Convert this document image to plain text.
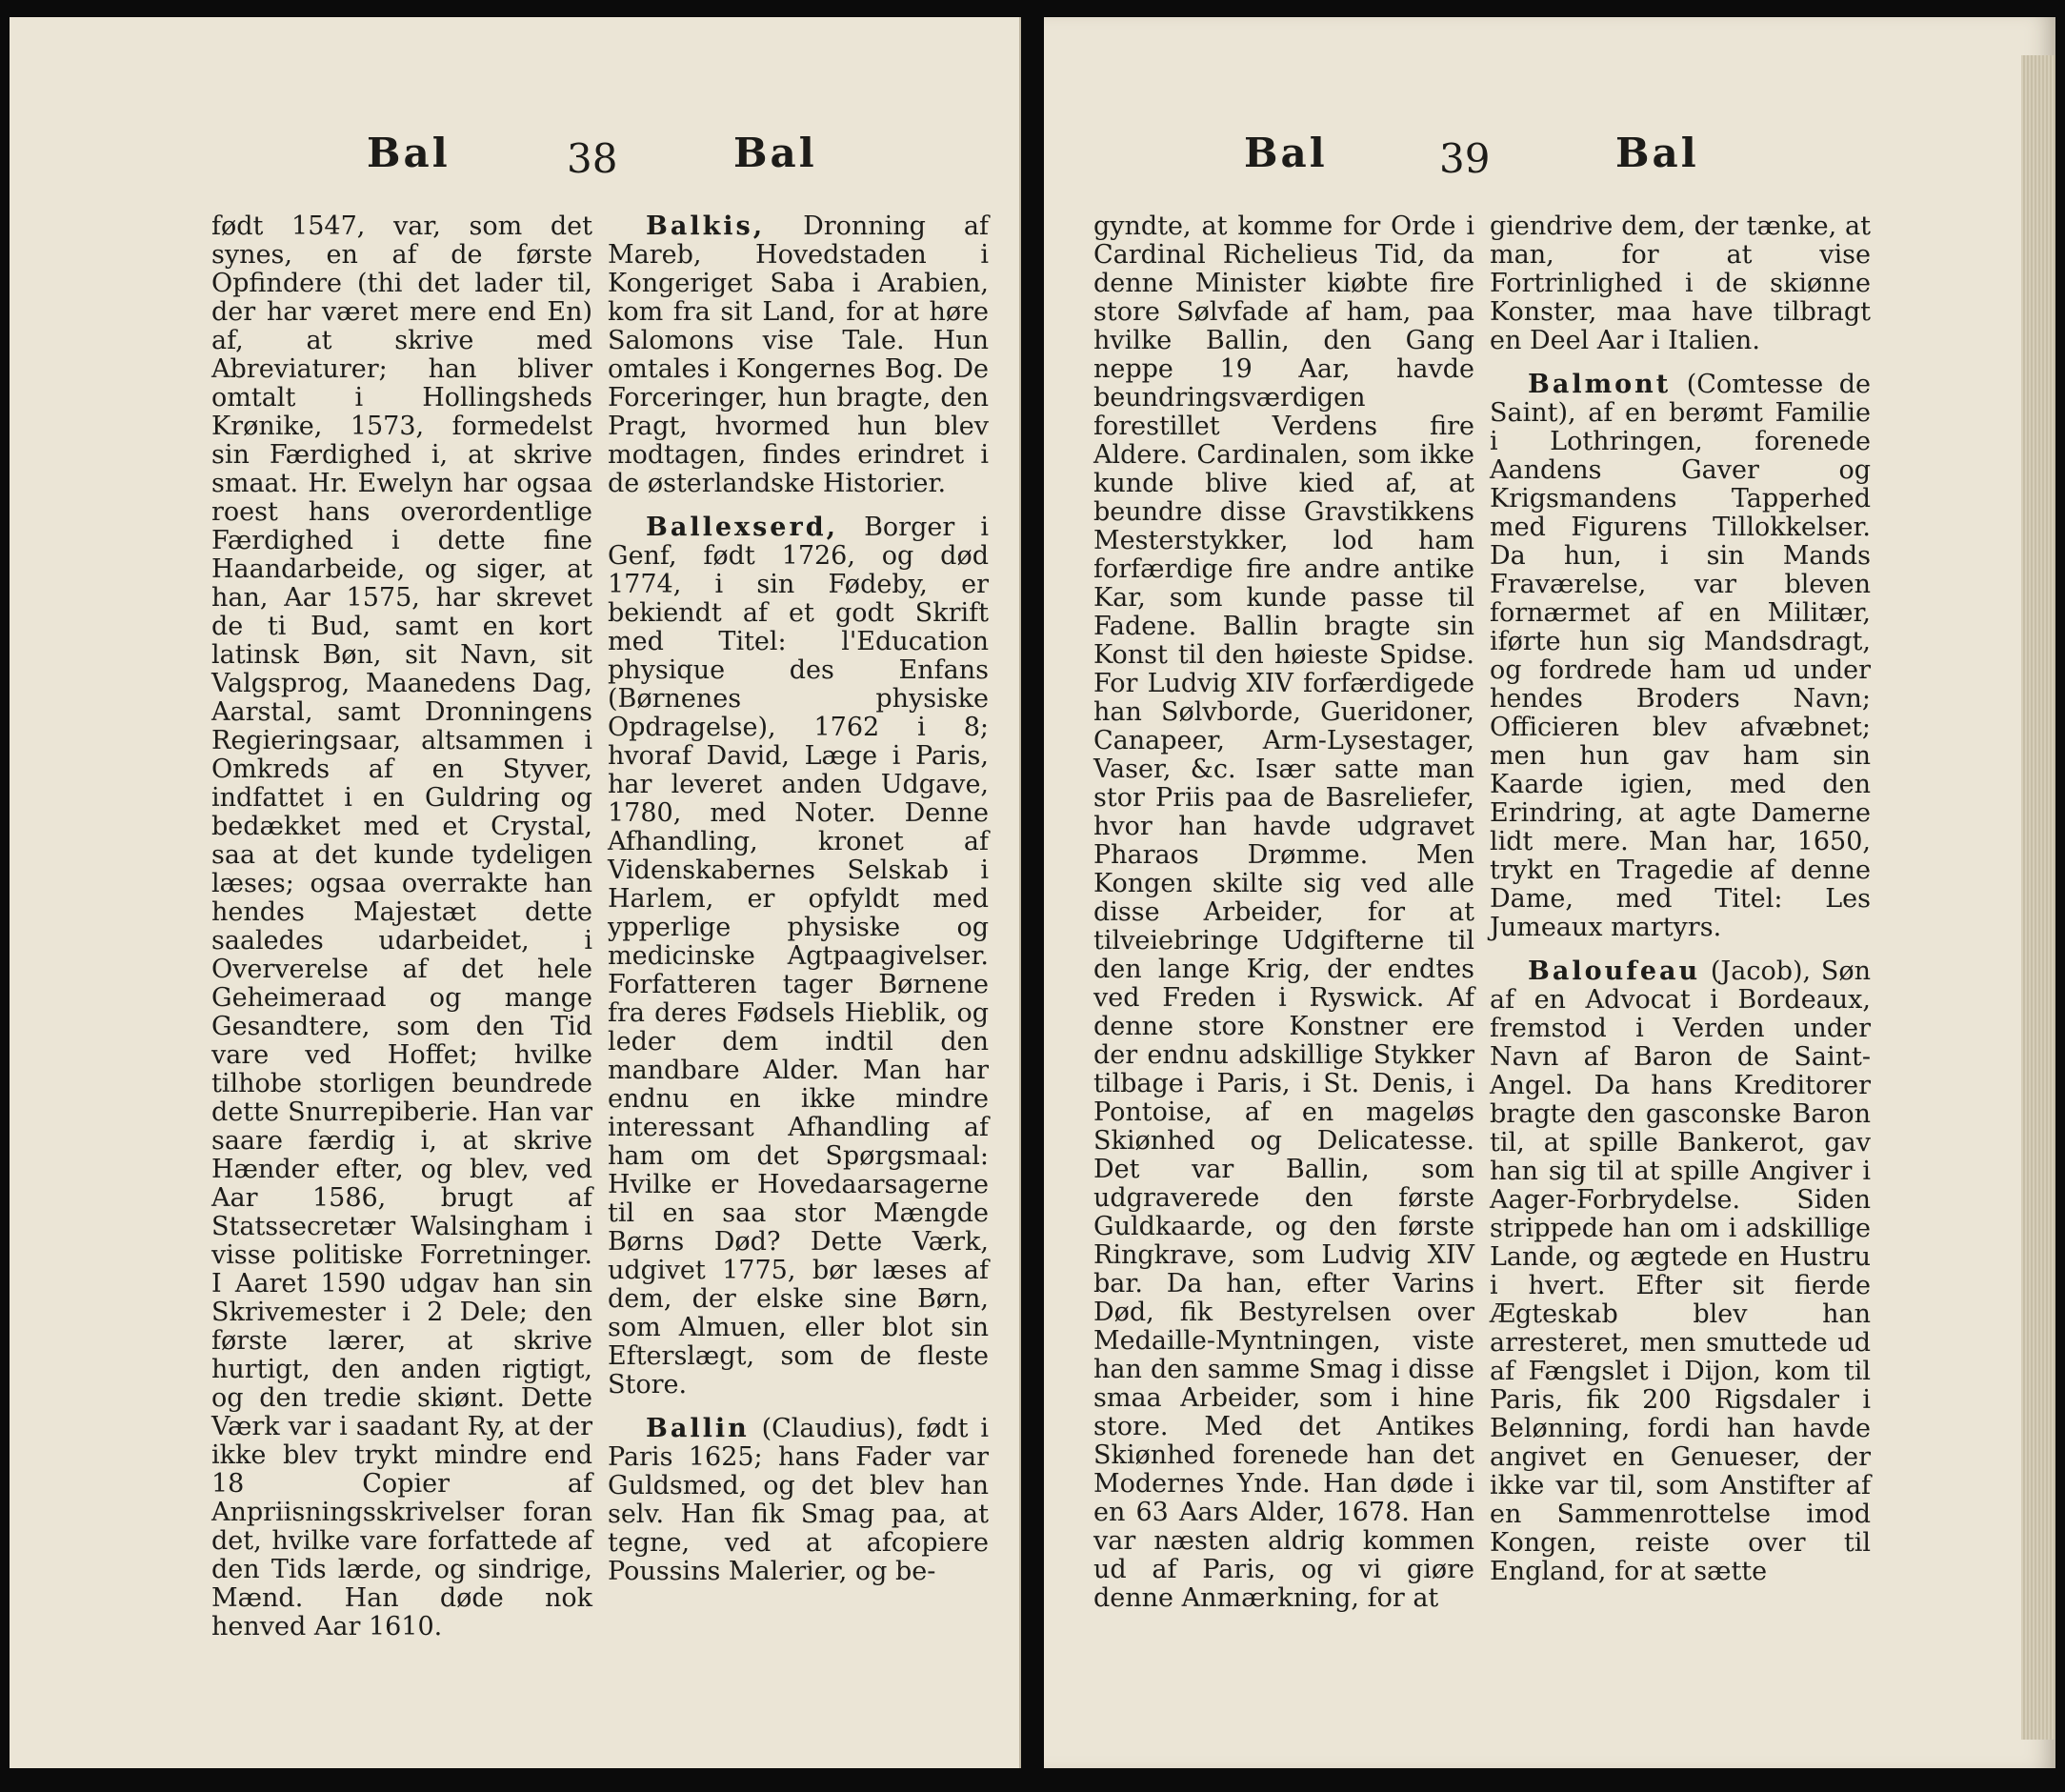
Bal	38	Bal

født 1547, var, som det synes, en af de første Opfindere (thi det lader til, der har været mere end En) af, at skrive med Abreviaturer; han bliver omtalt i Hollingsheds Krønike, 1573, formedelst sin Færdighed i, at skrive smaat. Hr. Ewelyn har ogsaa roest hans overordentlige Færdighed i dette fine Haandarbeide, og siger, at han, Aar 1575, har skrevet de ti Bud, samt en kort latinsk Bøn, sit Navn, sit Valgsprog, Maanedens Dag, Aarstal, samt Dronningens Regieringsaar, altsammen i Omkreds af en Styver, indfattet i en Guldring og bedækket med et Crystal, saa at det kunde tydeligen læses; ogsaa overrakte han hendes Majestæt dette saaledes udarbeidet, i Oververelse af det hele Geheimeraad og mange Gesandtere, som den Tid vare ved Hoffet; hvilke tilhobe storligen beundrede dette Snurrepiberie. Han var saare færdig i, at skrive Hænder efter, og blev, ved Aar 1586, brugt af Statssecretær Walsingham i visse politiske Forretninger. I Aaret 1590 udgav han sin Skrivemester i 2 Dele; den første lærer, at skrive hurtigt, den anden rigtigt, og den tredie skiønt. Dette Værk var i saadant Ry, at der ikke blev trykt mindre end 18 Copier af Anpriisningsskrivelser foran det, hvilke vare forfattede af den Tids lærde, og sindrige, Mænd. Han døde nok henved Aar 1610.

Balkis, Dronning af Mareb, Hovedstaden i Kongeriget Saba i Arabien, kom fra sit Land, for at høre Salomons vise Tale. Hun omtales i Kongernes Bog. De Forceringer, hun bragte, den Pragt, hvormed hun blev modtagen, findes erindret i de østerlandske Historier.

Ballexserd, Borger i Genf, født 1726, og død 1774, i sin Fødeby, er bekiendt af et godt Skrift med Titel: l'Education physique des Enfans (Børnenes physiske Opdragelse), 1762 i 8; hvoraf David, Læge i Paris, har leveret anden Udgave, 1780, med Noter. Denne Afhandling, kronet af Videnskabernes Selskab i Harlem, er opfyldt med ypperlige physiske og medicinske Agtpaagivelser. Forfatteren tager Børnene fra deres Fødsels Hieblik, og leder dem indtil den mandbare Alder. Man har endnu en ikke mindre interessant Afhandling af ham om det Spørgsmaal: Hvilke er Hovedaarsagerne til en saa stor Mængde Børns Død? Dette Værk, udgivet 1775, bør læses af dem, der elske sine Børn, som Almuen, eller blot sin Efterslægt, som de fleste Store.

Ballin (Claudius), født i Paris 1625; hans Fader var Guldsmed, og det blev han selv. Han fik Smag paa, at tegne, ved at afcopiere Poussins Malerier, og be-

Bal	39	Bal

gyndte, at komme for Orde i Cardinal Richelieus Tid, da denne Minister kiøbte fire store Sølvfade af ham, paa hvilke Ballin, den Gang neppe 19 Aar, havde beundringsværdigen forestillet Verdens fire Aldere. Cardinalen, som ikke kunde blive kied af, at beundre disse Gravstikkens Mesterstykker, lod ham forfærdige fire andre antike Kar, som kunde passe til Fadene. Ballin bragte sin Konst til den høieste Spidse. For Ludvig XIV forfærdigede han Sølvborde, Gueridoner, Canapeer, Arm-Lysestager, Vaser, &c. Især satte man stor Priis paa de Basreliefer, hvor han havde udgravet Pharaos Drømme. Men Kongen skilte sig ved alle disse Arbeider, for at tilveiebringe Udgifterne til den lange Krig, der endtes ved Freden i Ryswick. Af denne store Konstner ere der endnu adskillige Stykker tilbage i Paris, i St. Denis, i Pontoise, af en mageløs Skiønhed og Delicatesse. Det var Ballin, som udgraverede den første Guldkaarde, og den første Ringkrave, som Ludvig XIV bar. Da han, efter Varins Død, fik Bestyrelsen over Medaille-Myntningen, viste han den samme Smag i disse smaa Arbeider, som i hine store. Med det Antikes Skiønhed forenede han det Modernes Ynde. Han døde i en 63 Aars Alder, 1678. Han var næsten aldrig kommen ud af Paris, og vi giøre denne Anmærkning, for at

giendrive dem, der tænke, at man, for at vise Fortrinlighed i de skiønne Konster, maa have tilbragt en Deel Aar i Italien.

Balmont (Comtesse de Saint), af en berømt Familie i Lothringen, forenede Aandens Gaver og Krigsmandens Tapperhed med Figurens Tillokkelser. Da hun, i sin Mands Fraværelse, var bleven fornærmet af en Militær, iførte hun sig Mandsdragt, og fordrede ham ud under hendes Broders Navn; Officieren blev afvæbnet; men hun gav ham sin Kaarde igien, med den Erindring, at agte Damerne lidt mere. Man har, 1650, trykt en Tragedie af denne Dame, med Titel: Les Jumeaux martyrs.

Baloufeau (Jacob), Søn af en Advocat i Bordeaux, fremstod i Verden under Navn af Baron de Saint-Angel. Da hans Kreditorer bragte den gasconske Baron til, at spille Bankerot, gav han sig til at spille Angiver i Aager-Forbrydelse. Siden strippede han om i adskillige Lande, og ægtede en Hustru i hvert. Efter sit fierde Ægteskab blev han arresteret, men smuttede ud af Fængslet i Dijon, kom til Paris, fik 200 Rigsdaler i Belønning, fordi han havde angivet en Genueser, der ikke var til, som Anstifter af en Sammenrottelse imod Kongen, reiste over til England, for at sætte
